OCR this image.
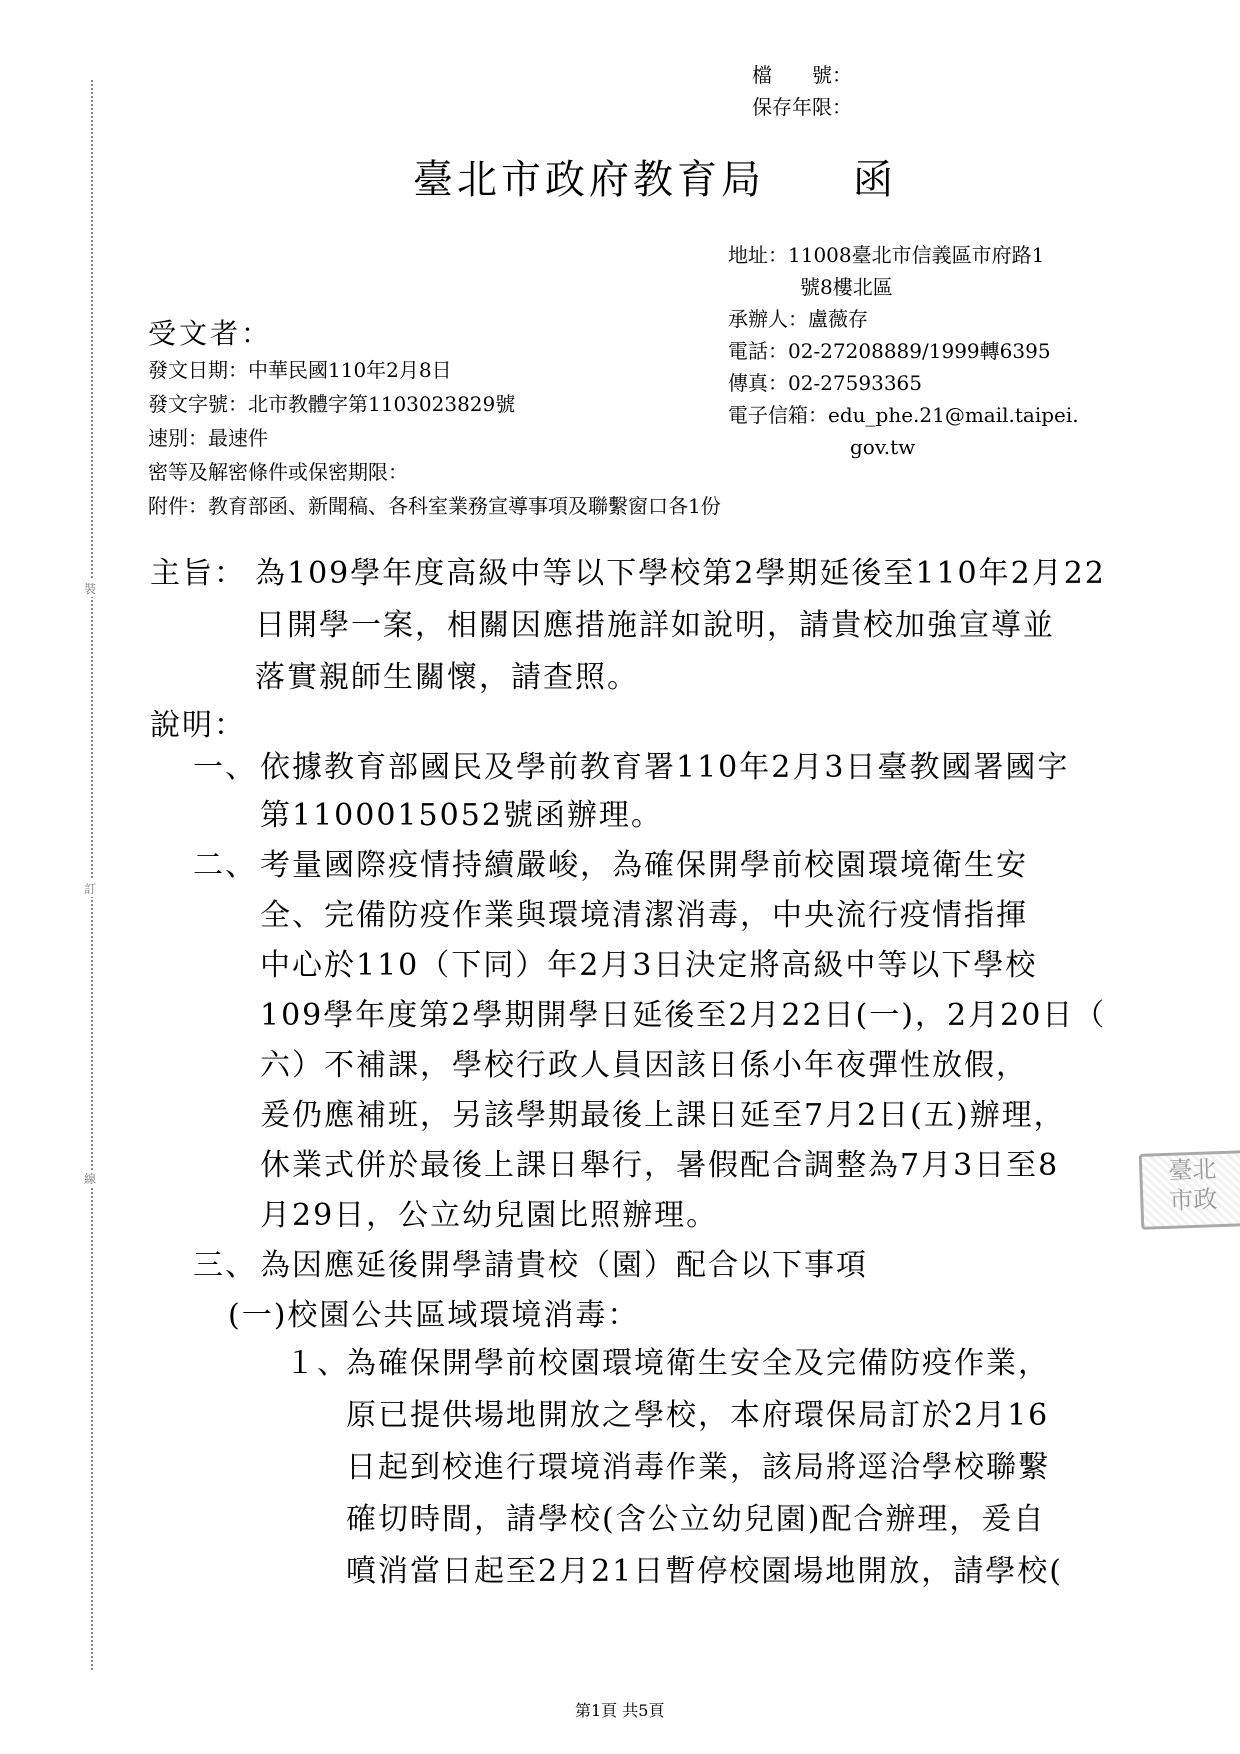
裝
訂
線
檔　　號：
保存年限：
臺北市政府教育局　　函
地址：11008臺北市信義區市府路1
號8樓北區
承辦人：盧薇存
電話：02-27208889/1999轉6395
傳真：02-27593365
電子信箱：edu_phe.21@mail.taipei.
gov.tw
受文者：
發文日期：中華民國110年2月8日
發文字號：北市教體字第1103023829號
速別：最速件
密等及解密條件或保密期限：
附件：教育部函、新聞稿、各科室業務宣導事項及聯繫窗口各1份
主旨： 為109學年度高級中等以下學校第2學期延後至110年2月22
日開學一案，相關因應措施詳如說明，請貴校加強宣導並
落實親師生關懷，請查照。
說明：
一、 依據教育部國民及學前教育署110年2月3日臺教國署國字
第1100015052號函辦理。
二、 考量國際疫情持續嚴峻，為確保開學前校園環境衛生安
全、完備防疫作業與環境清潔消毒，中央流行疫情指揮
中心於110（下同）年2月3日決定將高級中等以下學校
109學年度第2學期開學日延後至2月22日(一)，2月20日（
六）不補課，學校行政人員因該日係小年夜彈性放假，
爰仍應補班，另該學期最後上課日延至7月2日(五)辦理，
休業式併於最後上課日舉行，暑假配合調整為7月3日至8
月29日，公立幼兒園比照辦理。
三、 為因應延後開學請貴校（園）配合以下事項
(一)校園公共區域環境消毒：
１、
為確保開學前校園環境衛生安全及完備防疫作業，
原已提供場地開放之學校，本府環保局訂於2月16
日起到校進行環境消毒作業，該局將逕洽學校聯繫
確切時間，請學校(含公立幼兒園)配合辦理，爰自
噴消當日起至2月21日暫停校園場地開放，請學校(
臺北
市政
第1頁 共5頁
